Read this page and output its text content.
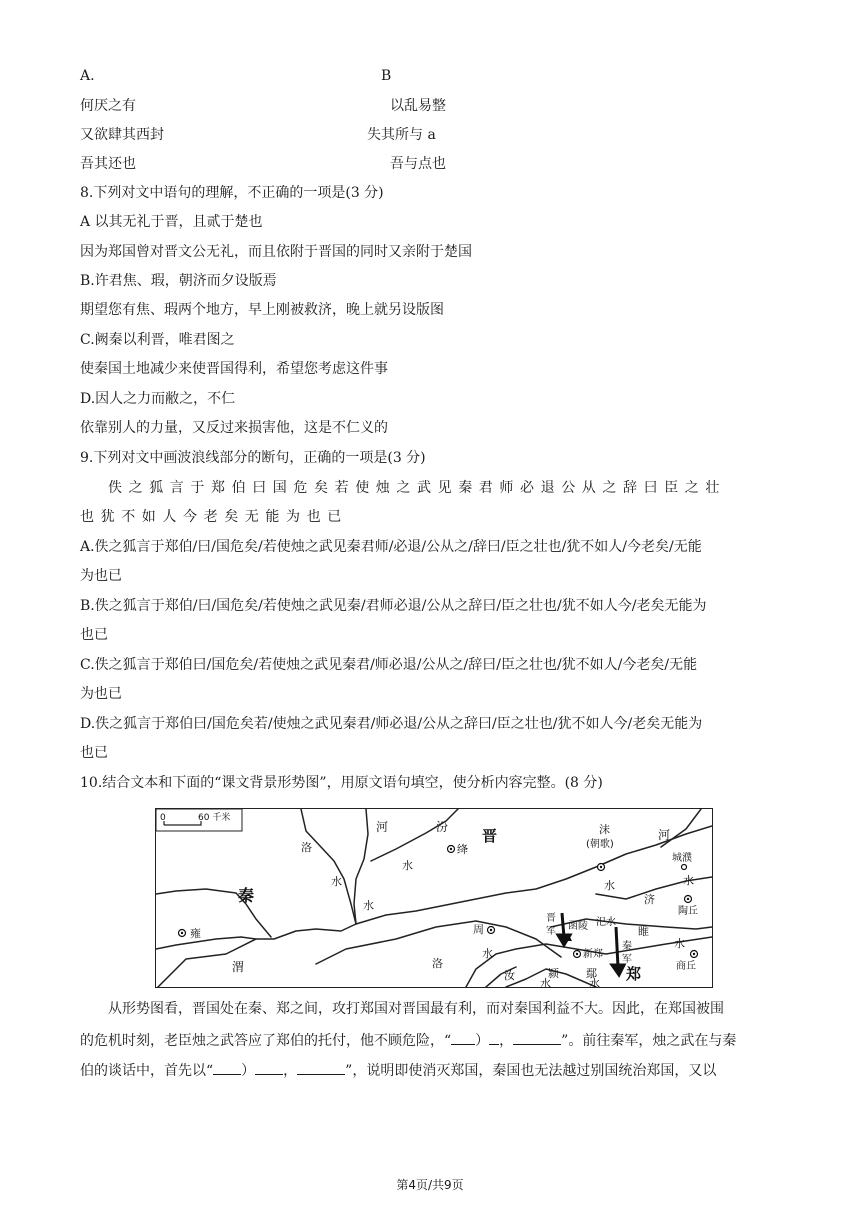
A.	B
何厌之有	以乱易整
又欲肆其西封	失其所与 a
吾其还也	吾与点也
8.下列对文中语句的理解，不正确的一项是(3 分)
A 以其无礼于晋，且贰于楚也
因为郑国曾对晋文公无礼，而且依附于晋国的同时又亲附于楚国
B.许君焦、瑕，朝济而夕设版焉
期望您有焦、瑕两个地方，早上刚被救济，晚上就另设版图
C.阙秦以利晋，唯君图之
使秦国土地减少来使晋国得利，希望您考虑这件事
D.因人之力而敝之，不仁
依靠别人的力量，又反过来损害他，这是不仁义的
9.下列对文中画波浪线部分的断句，正确的一项是(3 分)
佚之狐言于郑伯曰国危矣若使烛之武见秦君师必退公从之辞曰臣之壮
也犹不如人今老矣无能为也已
A.佚之狐言于郑伯/曰/国危矣/若使烛之武见秦君师/必退/公从之/辞曰/臣之壮也/犹不如人/今老矣/无能
为也已
B.佚之狐言于郑伯/曰/国危矣/若使烛之武见秦/君师必退/公从之辞曰/臣之壮也/犹不如人今/老矣无能为
也已
C.佚之狐言于郑伯曰/国危矣/若使烛之武见秦君/师必退/公从之/辞曰/臣之壮也/犹不如人/今老矣/无能
为也已
D.佚之狐言于郑伯曰/国危矣若/使烛之武见秦君/师必退/公从之辞曰/臣之壮也/犹不如人今/老矣无能为
也已
10.结合文本和下面的“课文背景形势图”，用原文语句填空，使分析内容完整。(8 分)
0	60 千米
洛
水
河	汾 晋
绛
沫
(朝歌)
河
城濮
水
水
水
济
陶丘
秦
雍
水
周
晋
军 函陵 氾水
睢
渭	洛
水	新郑
秦
军
水
商丘
汝	颍 鄢 郑
水	水
从形势图看，晋国处在秦、郑之间，攻打郑国对晋国最有利，而对秦国利益不大。因此，在郑国被围
的危机时刻，老臣烛之武答应了郑伯的托付，他不顾危险，“ ） ，	”。前往秦军，烛之武在与秦
伯的谈话中，首先以“ ） ，	”，说明即使消灭郑国，秦国也无法越过别国统治郑国，又以
第4页/共9页
